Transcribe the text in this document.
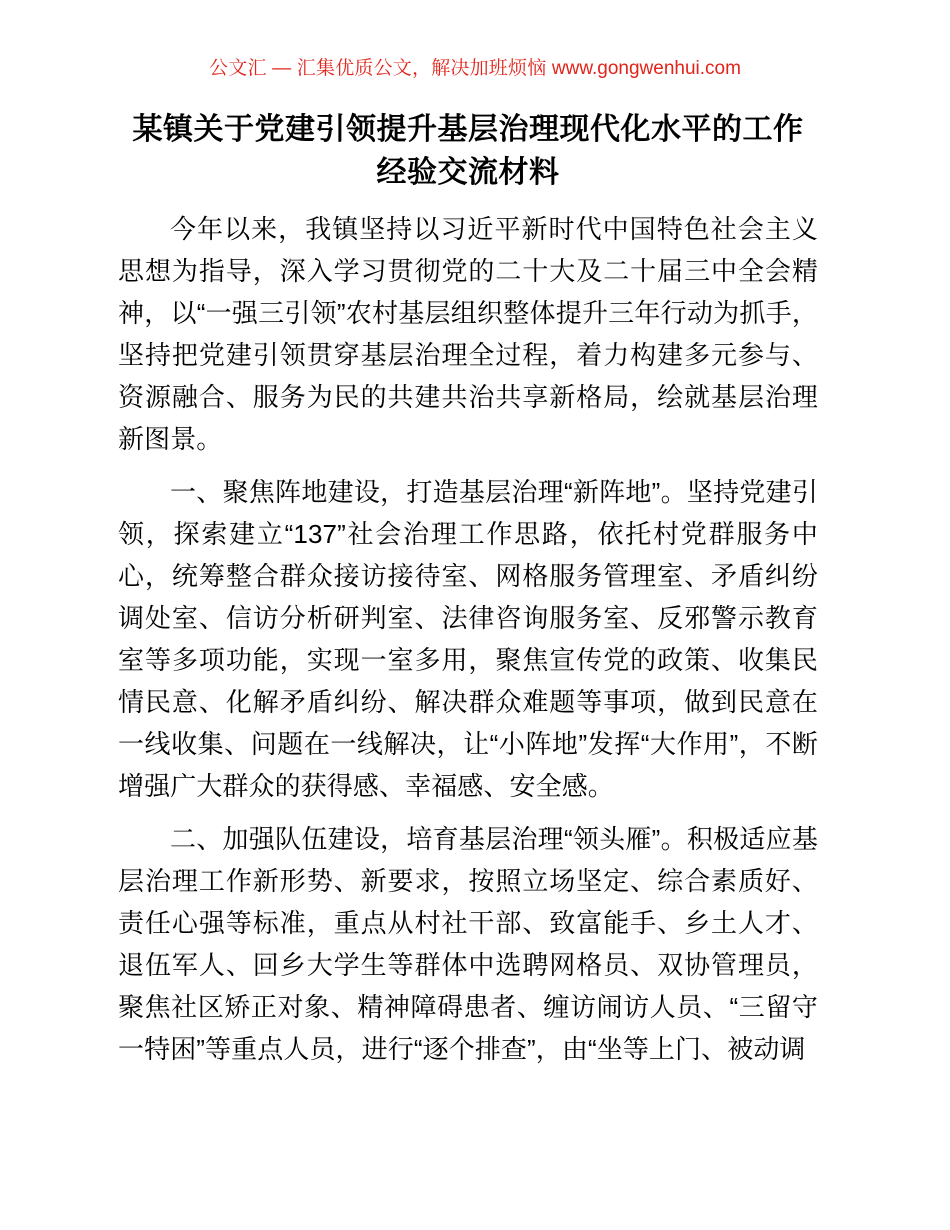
公文汇 — 汇集优质公文，解决加班烦恼 www.gongwenhui.com
某镇关于党建引领提升基层治理现代化水平的工作经验交流材料

今年以来，我镇坚持以习近平新时代中国特色社会主义思想为指导，深入学习贯彻党的二十大及二十届三中全会精神，以“一强三引领”农村基层组织整体提升三年行动为抓手，坚持把党建引领贯穿基层治理全过程，着力构建多元参与、资源融合、服务为民的共建共治共享新格局，绘就基层治理新图景。

一、聚焦阵地建设，打造基层治理“新阵地”。坚持党建引领，探索建立“137”社会治理工作思路，依托村党群服务中心，统筹整合群众接访接待室、网格服务管理室、矛盾纠纷调处室、信访分析研判室、法律咨询服务室、反邪警示教育室等多项功能，实现一室多用，聚焦宣传党的政策、收集民情民意、化解矛盾纠纷、解决群众难题等事项，做到民意在一线收集、问题在一线解决，让“小阵地”发挥“大作用”，不断增强广大群众的获得感、幸福感、安全感。

二、加强队伍建设，培育基层治理“领头雁”。积极适应基层治理工作新形势、新要求，按照立场坚定、综合素质好、责任心强等标准，重点从村社干部、致富能手、乡土人才、退伍军人、回乡大学生等群体中选聘网格员、双协管理员，聚焦社区矫正对象、精神障碍患者、缠访闹访人员、“三留守一特困”等重点人员，进行“逐个排查”，由“坐等上门、被动调
